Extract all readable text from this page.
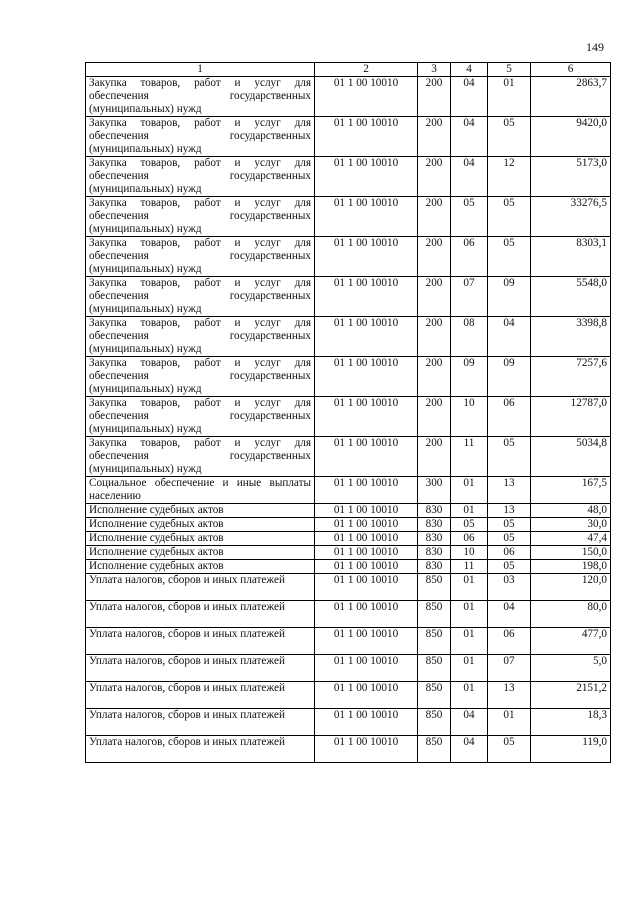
149
1	2	3	4	5	6
Закупка товаров, работ и услуг для обеспечения государственных (муниципальных) нужд	01 1 00 10010	200	04	01	2863,7
Закупка товаров, работ и услуг для обеспечения государственных (муниципальных) нужд	01 1 00 10010	200	04	05	9420,0
Закупка товаров, работ и услуг для обеспечения государственных (муниципальных) нужд	01 1 00 10010	200	04	12	5173,0
Закупка товаров, работ и услуг для обеспечения государственных (муниципальных) нужд	01 1 00 10010	200	05	05	33276,5
Закупка товаров, работ и услуг для обеспечения государственных (муниципальных) нужд	01 1 00 10010	200	06	05	8303,1
Закупка товаров, работ и услуг для обеспечения государственных (муниципальных) нужд	01 1 00 10010	200	07	09	5548,0
Закупка товаров, работ и услуг для обеспечения государственных (муниципальных) нужд	01 1 00 10010	200	08	04	3398,8
Закупка товаров, работ и услуг для обеспечения государственных (муниципальных) нужд	01 1 00 10010	200	09	09	7257,6
Закупка товаров, работ и услуг для обеспечения государственных (муниципальных) нужд	01 1 00 10010	200	10	06	12787,0
Закупка товаров, работ и услуг для обеспечения государственных (муниципальных) нужд	01 1 00 10010	200	11	05	5034,8
Социальное обеспечение и иные выплаты населению	01 1 00 10010	300	01	13	167,5
Исполнение судебных актов	01 1 00 10010	830	01	13	48,0
Исполнение судебных актов	01 1 00 10010	830	05	05	30,0
Исполнение судебных актов	01 1 00 10010	830	06	05	47,4
Исполнение судебных актов	01 1 00 10010	830	10	06	150,0
Исполнение судебных актов	01 1 00 10010	830	11	05	198,0
Уплата налогов, сборов и иных платежей	01 1 00 10010	850	01	03	120,0
Уплата налогов, сборов и иных платежей	01 1 00 10010	850	01	04	80,0
Уплата налогов, сборов и иных платежей	01 1 00 10010	850	01	06	477,0
Уплата налогов, сборов и иных платежей	01 1 00 10010	850	01	07	5,0
Уплата налогов, сборов и иных платежей	01 1 00 10010	850	01	13	2151,2
Уплата налогов, сборов и иных платежей	01 1 00 10010	850	04	01	18,3
Уплата налогов, сборов и иных платежей	01 1 00 10010	850	04	05	119,0
